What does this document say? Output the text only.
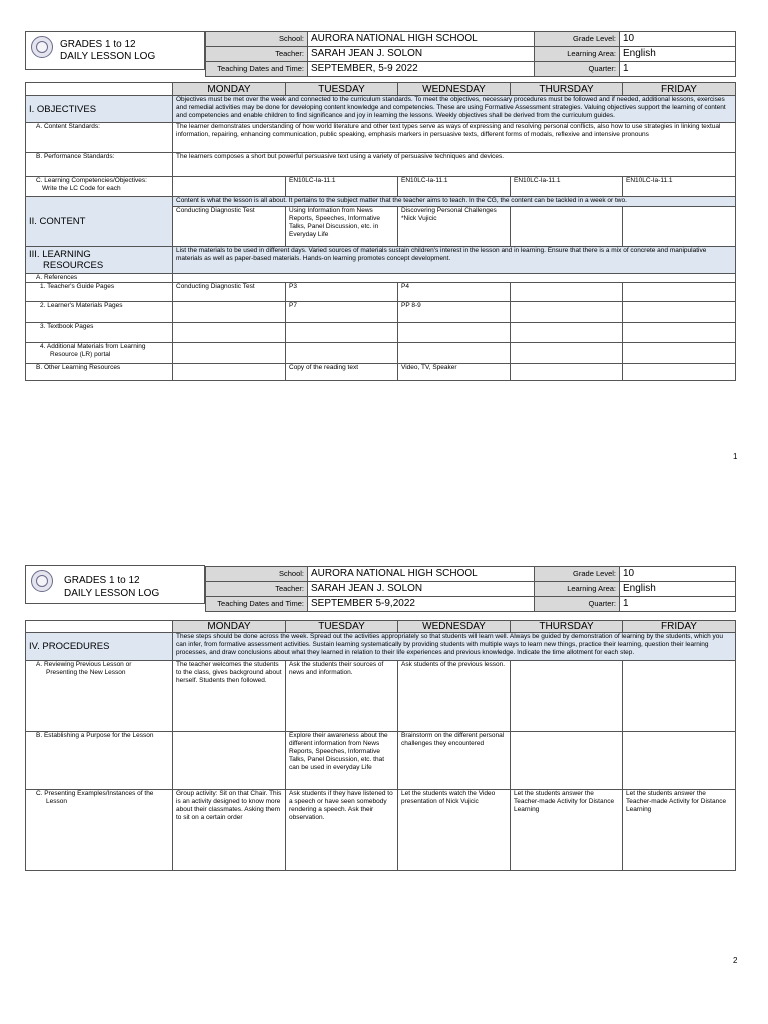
GRADES 1 to 12
DAILY LESSON LOG
School:	AURORA NATIONAL HIGH SCHOOL	Grade Level:	10
Teacher:	SARAH JEAN J. SOLON	Learning Area:	English
Teaching Dates and Time:	SEPTEMBER, 5-9 2022	Quarter:	1
	MONDAY	TUESDAY	WEDNESDAY	THURSDAY	FRIDAY
I. OBJECTIVES	Objectives must be met over the week and connected to the curriculum standards. To meet the objectives, necessary procedures must be followed and if needed, additional lessons, exercises and remedial activities may be done for developing content knowledge and competencies. These are using Formative Assessment strategies. Valuing objectives support the learning of content and competencies and enable children to find significance and joy in learning the lessons. Weekly objectives shall be derived from the curriculum guides.				
A. Content Standards:	The learner demonstrates understanding of how world literature and other text types serve as ways of expressing and resolving personal conflicts, also how to use strategies in linking textual information, repairing, enhancing communication, public speaking, emphasis markers in persuasive texts, different forms of modals, reflexive and intensive pronouns				
B. Performance Standards:	The learners composes a short but powerful persuasive text using a variety of persuasive techniques and devices.				

C. Learning Competencies/Objectives:
Write the LC Code for each		EN10LC-Ia-11.1	EN10LC-Ia-11.1	EN10LC-Ia-11.1	EN10LC-Ia-11.1
II. CONTENT	Content is what the lesson is all about. It pertains to the subject matter that the teacher aims to teach. In the CG, the content can be tackled in a week or two.				
	Conducting Diagnostic Test	Using Information from News Reports, Speeches, Informative Talks, Panel Discussion, etc. in Everyday Life	Discovering Personal Challenges *Nick Vujicic		

III. LEARNING
RESOURCES	List the materials to be used in different days. Varied sources of materials sustain children's interest in the lesson and in learning. Ensure that there is a mix of concrete and manipulative materials as well as paper-based materials. Hands-on learning promotes concept development.				
A. References					
1. Teacher's Guide Pages	Conducting Diagnostic Test	P3	P4		
2. Learner's Materials Pages		P7	PP 8-9		
3. Textbook Pages					

4. Additional Materials from Learning
Resource (LR) portal					

B. Other Learning Resources		Copy of the reading text	Video, TV, Speaker		
1
GRADES 1 to 12
DAILY LESSON LOG
School:	AURORA NATIONAL HIGH SCHOOL	Grade Level:	10
Teacher:	SARAH JEAN J. SOLON	Learning Area:	English
Teaching Dates and Time:	SEPTEMBER 5-9,2022	Quarter:	1
	MONDAY	TUESDAY	WEDNESDAY	THURSDAY	FRIDAY
IV. PROCEDURES	These steps should be done across the week. Spread out the activities appropriately so that students will learn well. Always be guided by demonstration of learning by the students, which you can infer, from formative assessment activities. Sustain learning systematically by providing students with multiple ways to learn new things, practice their learning, question their learning processes, and draw conclusions about what they learned in relation to their life experiences and previous knowledge. Indicate the time allotment for each step.				

A. Reviewing Previous Lesson or
Presenting the New Lesson	The teacher welcomes the students to the class, gives background about herself. Students then followed.	Ask the students their sources of news and information.	Ask students of the previous lesson.		
B. Establishing a Purpose for the Lesson		Explore their awareness about the different information from News Reports, Speeches, Informative Talks, Panel Discussion, etc. that can be used in everyday Life	Brainstorm on the different personal challenges they encountered		

C. Presenting Examples/Instances of the
Lesson	Group activity: Sit on that Chair. This is an activity designed to know more about their classmates. Asking them to sit on a certain order	Ask students if they have listened to a speech or have seen somebody rendering a speech. Ask their observation.	Let the students watch the Video presentation of Nick Vujicic	Let the students answer the Teacher-made Activity for Distance Learning	Let the students answer the Teacher-made Activity for Distance Learning
2
